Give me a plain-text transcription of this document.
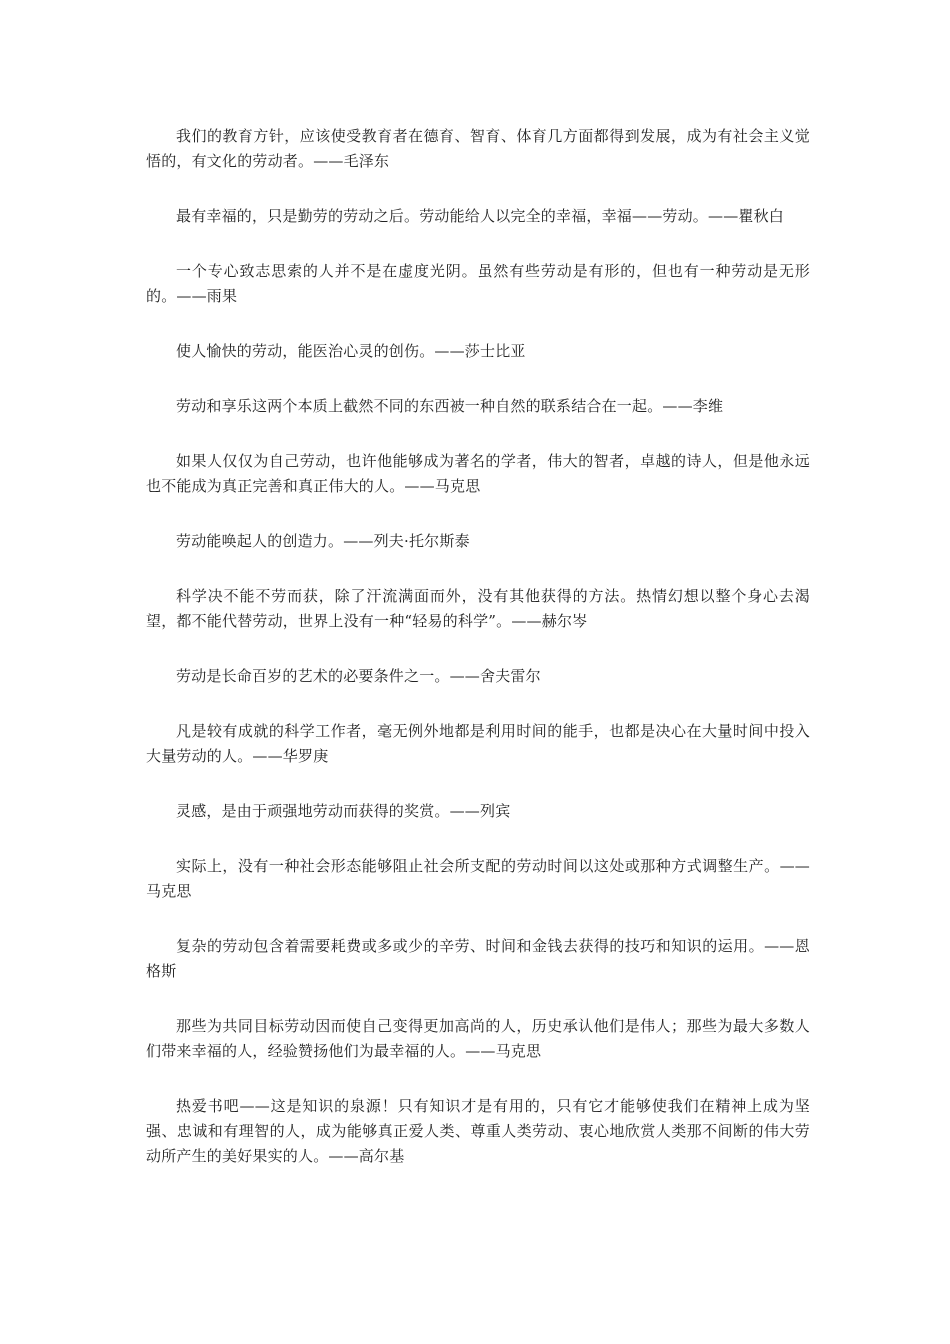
我们的教育方针，应该使受教育者在德育、智育、体育几方面都得到发展，成为有社会主义觉悟的，有文化的劳动者。——毛泽东

最有幸福的，只是勤劳的劳动之后。劳动能给人以完全的幸福，幸福——劳动。——瞿秋白

一个专心致志思索的人并不是在虚度光阴。虽然有些劳动是有形的，但也有一种劳动是无形的。——雨果

使人愉快的劳动，能医治心灵的创伤。——莎士比亚

劳动和享乐这两个本质上截然不同的东西被一种自然的联系结合在一起。——李维

如果人仅仅为自己劳动，也许他能够成为著名的学者，伟大的智者，卓越的诗人，但是他永远也不能成为真正完善和真正伟大的人。——马克思

劳动能唤起人的创造力。——列夫·托尔斯泰

科学决不能不劳而获，除了汗流满面而外，没有其他获得的方法。热情幻想以整个身心去渴望，都不能代替劳动，世界上没有一种“轻易的科学”。——赫尔岑

劳动是长命百岁的艺术的必要条件之一。——舍夫雷尔

凡是较有成就的科学工作者，毫无例外地都是利用时间的能手，也都是决心在大量时间中投入大量劳动的人。——华罗庚

灵感，是由于顽强地劳动而获得的奖赏。——列宾

实际上，没有一种社会形态能够阻止社会所支配的劳动时间以这处或那种方式调整生产。——马克思

复杂的劳动包含着需要耗费或多或少的辛劳、时间和金钱去获得的技巧和知识的运用。——恩格斯

那些为共同目标劳动因而使自己变得更加高尚的人，历史承认他们是伟人；那些为最大多数人们带来幸福的人，经验赞扬他们为最幸福的人。——马克思

热爱书吧——这是知识的泉源！只有知识才是有用的，只有它才能够使我们在精神上成为坚强、忠诚和有理智的人，成为能够真正爱人类、尊重人类劳动、衷心地欣赏人类那不间断的伟大劳动所产生的美好果实的人。——高尔基
